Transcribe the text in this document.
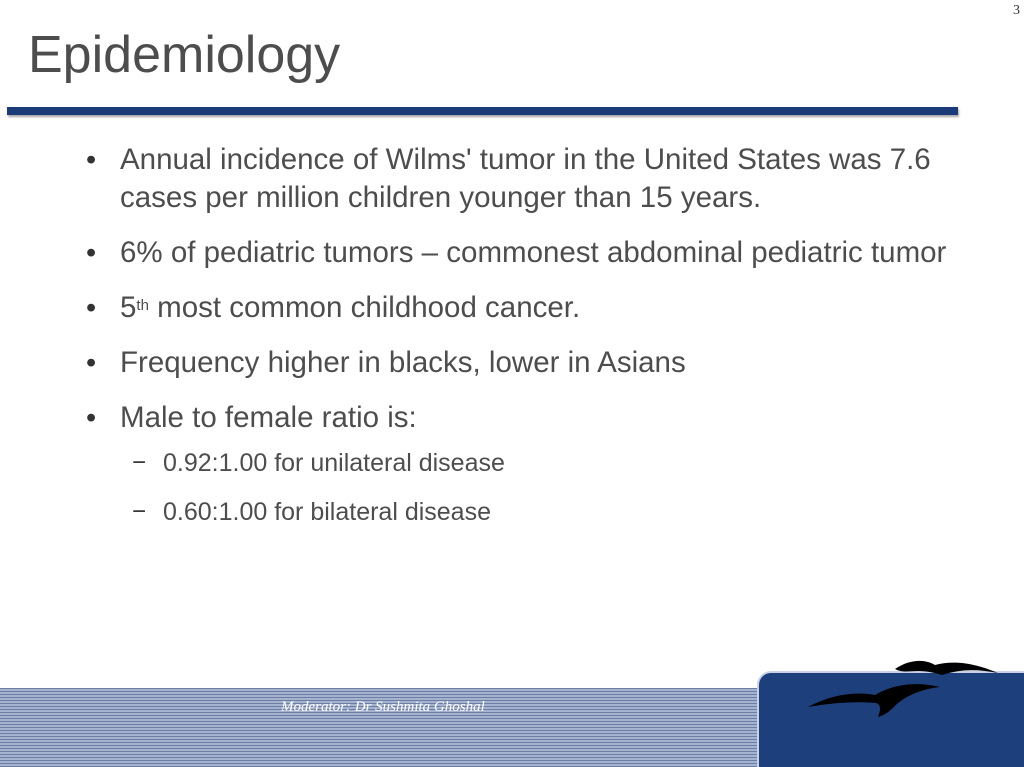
3
Epidemiology
• Annual incidence of Wilms' tumor in the United States was 7.6 cases per million children younger than 15 years.
• 6% of pediatric tumors – commonest abdominal pediatric tumor
• 5th most common childhood cancer.
• Frequency higher in blacks, lower in Asians
• Male to female ratio is:
− 0.92:1.00 for unilateral disease
− 0.60:1.00 for bilateral disease
Moderator: Dr Sushmita Ghoshal
